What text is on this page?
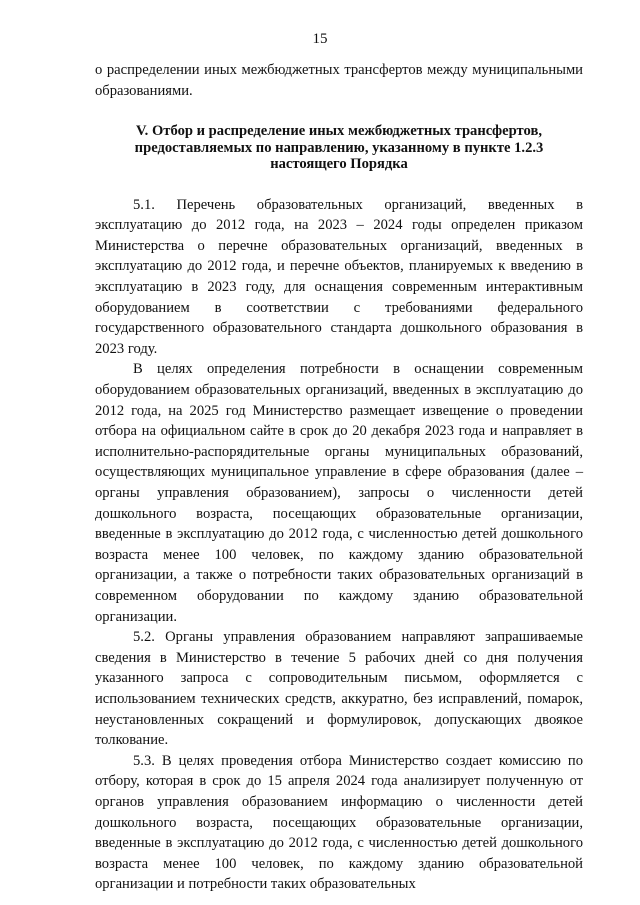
15

о распределении иных межбюджетных трансфертов между муниципальными образованиями.

V. Отбор и распределение иных межбюджетных трансфертов, предоставляемых по направлению, указанному в пункте 1.2.3 настоящего Порядка

5.1. Перечень образовательных организаций, введенных в эксплуатацию до 2012 года, на 2023 – 2024 годы определен приказом Министерства о перечне образовательных организаций, введенных в эксплуатацию до 2012 года, и перечне объектов, планируемых к введению в эксплуатацию в 2023 году, для оснащения современным интерактивным оборудованием в соответствии с требованиями федерального государственного образовательного стандарта дошкольного образования в 2023 году.

В целях определения потребности в оснащении современным оборудованием образовательных организаций, введенных в эксплуатацию до 2012 года, на 2025 год Министерство размещает извещение о проведении отбора на официальном сайте в срок до 20 декабря 2023 года и направляет в исполнительно-распорядительные органы муниципальных образований, осуществляющих муниципальное управление в сфере образования (далее – органы управления образованием), запросы о численности детей дошкольного возраста, посещающих образовательные организации, введенные в эксплуатацию до 2012 года, с численностью детей дошкольного возраста менее 100 человек, по каждому зданию образовательной организации, а также о потребности таких образовательных организаций в современном оборудовании по каждому зданию образовательной организации.

5.2. Органы управления образованием направляют запрашиваемые сведения в Министерство в течение 5 рабочих дней со дня получения указанного запроса с сопроводительным письмом, оформляется с использованием технических средств, аккуратно, без исправлений, помарок, неустановленных сокращений и формулировок, допускающих двоякое толкование.

5.3. В целях проведения отбора Министерство создает комиссию по отбору, которая в срок до 15 апреля 2024 года анализирует полученную от органов управления образованием информацию о численности детей дошкольного возраста, посещающих образовательные организации, введенные в эксплуатацию до 2012 года, с численностью детей дошкольного возраста менее 100 человек, по каждому зданию образовательной организации и потребности таких образовательных
